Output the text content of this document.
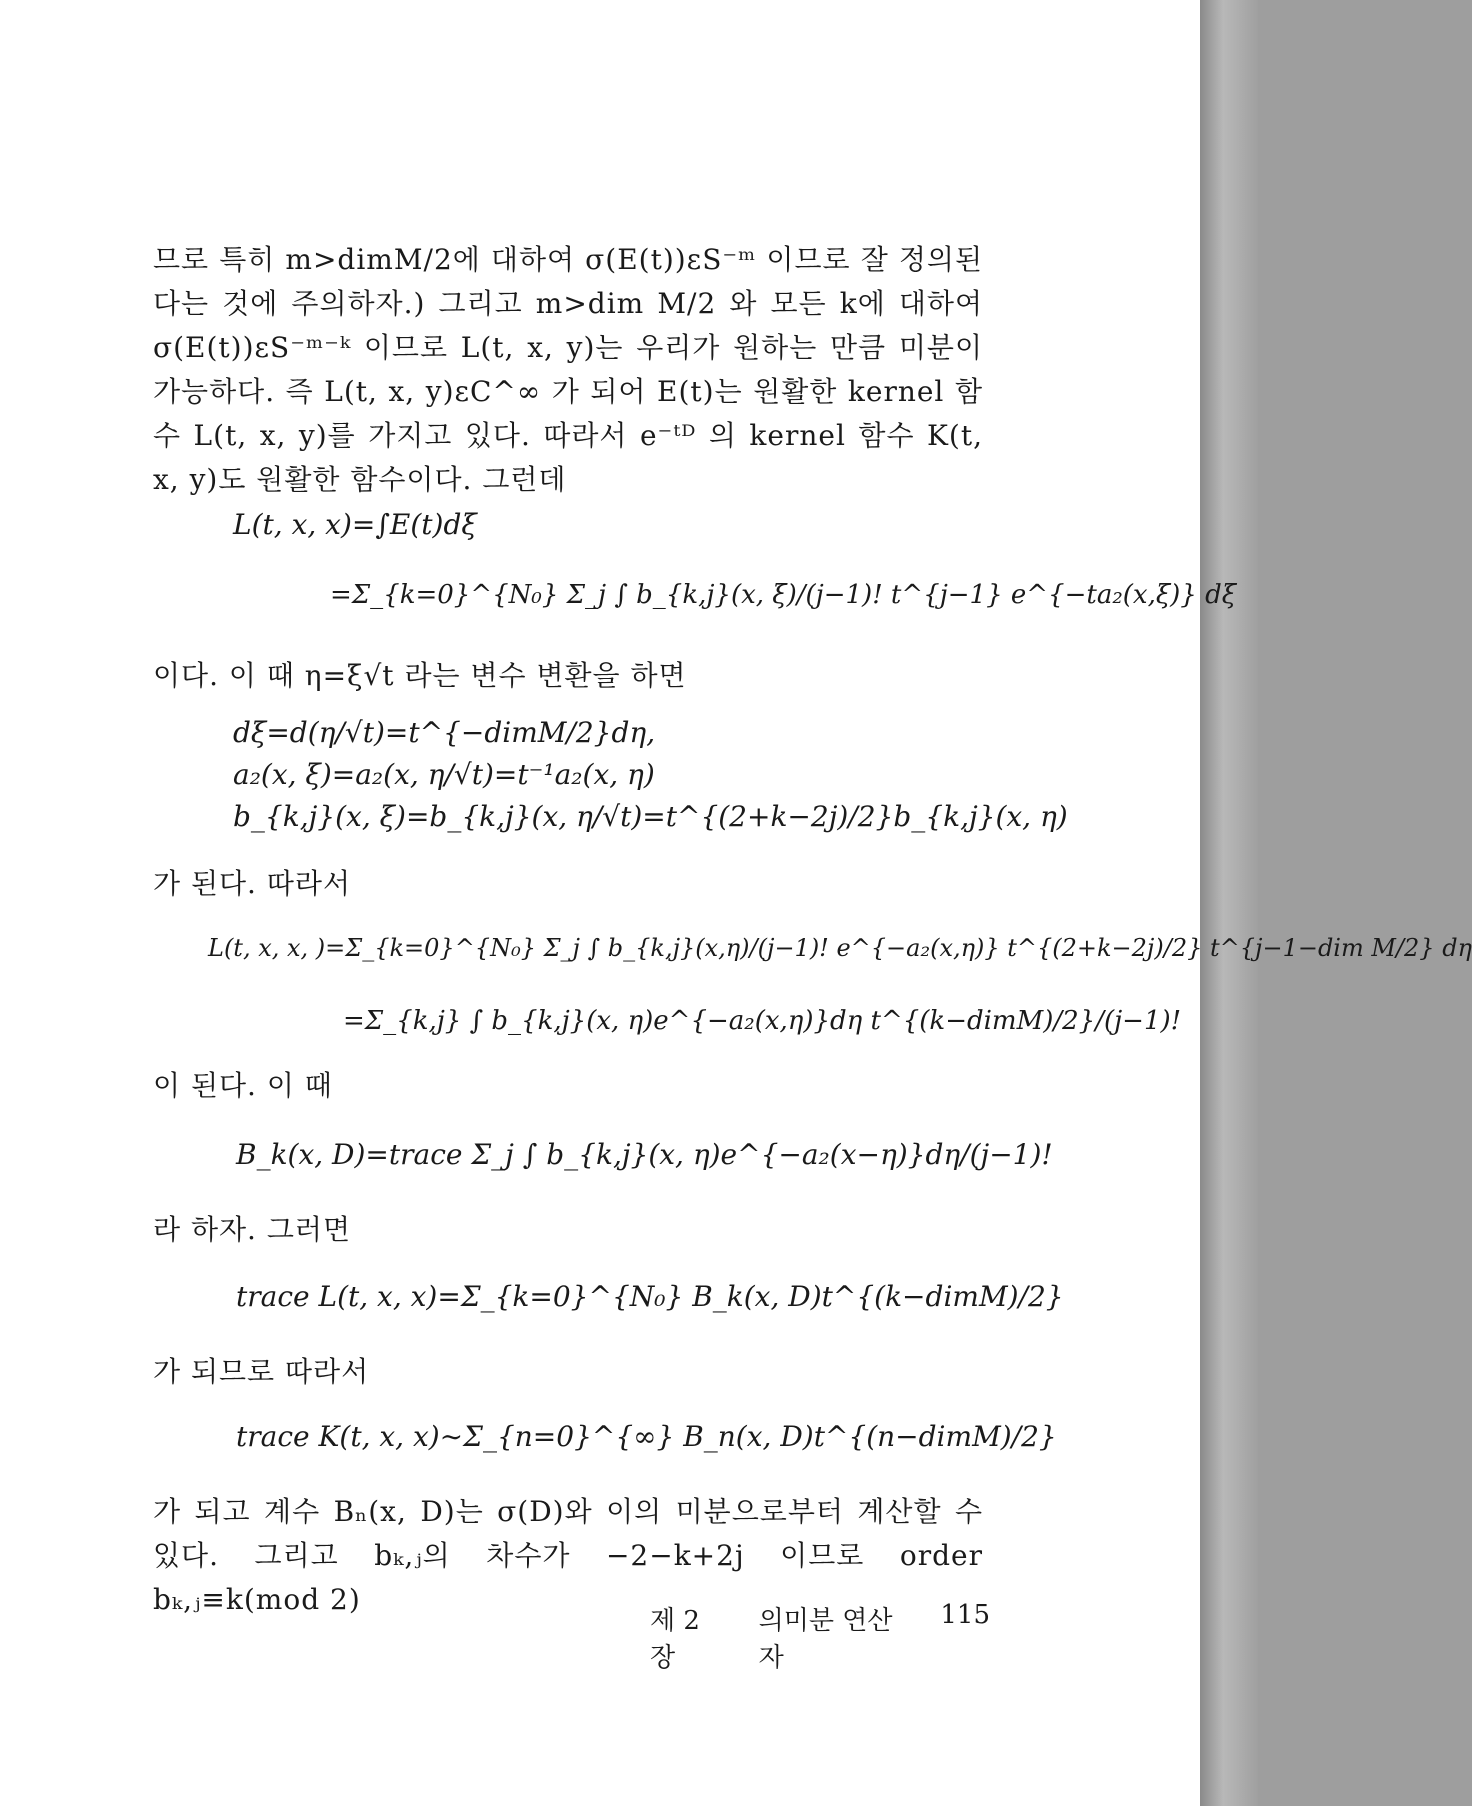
므로 특히 m>dimM/2에 대하여 σ(E(t))εS⁻ᵐ 이므로 잘 정의된다는 것에 주의하자.) 그리고 m>dim M/2 와 모든 k에 대하여 σ(E(t))εS⁻ᵐ⁻ᵏ 이므로 L(t, x, y)는 우리가 원하는 만큼 미분이 가능하다. 즉 L(t, x, y)εC^∞ 가 되어 E(t)는 원활한 kernel 함수 L(t, x, y)를 가지고 있다. 따라서 e⁻ᵗᴰ 의 kernel 함수 K(t, x, y)도 원활한 함수이다. 그런데

L(t, x, x)=∫E(t)dξ
=Σ_{k=0}^{N₀} Σ_j ∫ b_{k,j}(x, ξ)/(j−1)! t^{j−1} e^{−ta₂(x,ξ)} dξ

이다. 이 때 η=ξ√t 라는 변수 변환을 하면

dξ=d(η/√t)=t^{−dimM/2}dη,
a₂(x, ξ)=a₂(x, η/√t)=t⁻¹a₂(x, η)
b_{k,j}(x, ξ)=b_{k,j}(x, η/√t)=t^{(2+k−2j)/2}b_{k,j}(x, η)

가 된다. 따라서

L(t, x, x, )=Σ_{k=0}^{N₀} Σ_j ∫ b_{k,j}(x,η)/(j−1)! e^{−a₂(x,η)} t^{(2+k−2j)/2} t^{j−1−dim M/2} dη
=Σ_{k,j} ∫ b_{k,j}(x, η)e^{−a₂(x,η)}dη t^{(k−dimM)/2}/(j−1)!

이 된다. 이 때

B_k(x, D)=trace Σ_j ∫ b_{k,j}(x, η)e^{−a₂(x−η)}dη/(j−1)!

라 하자. 그러면

trace L(t, x, x)=Σ_{k=0}^{N₀} B_k(x, D)t^{(k−dimM)/2}

가 되므로 따라서

trace K(t, x, x)∼Σ_{n=0}^{∞} B_n(x, D)t^{(n−dimM)/2}

가 되고 계수 Bₙ(x, D)는 σ(D)와 이의 미분으로부터 계산할 수 있다. 그리고 bₖ,ⱼ의 차수가 −2−k+2j 이므로 order bₖ,ⱼ≡k(mod 2)

제 2 장
의미분 연산자
115
